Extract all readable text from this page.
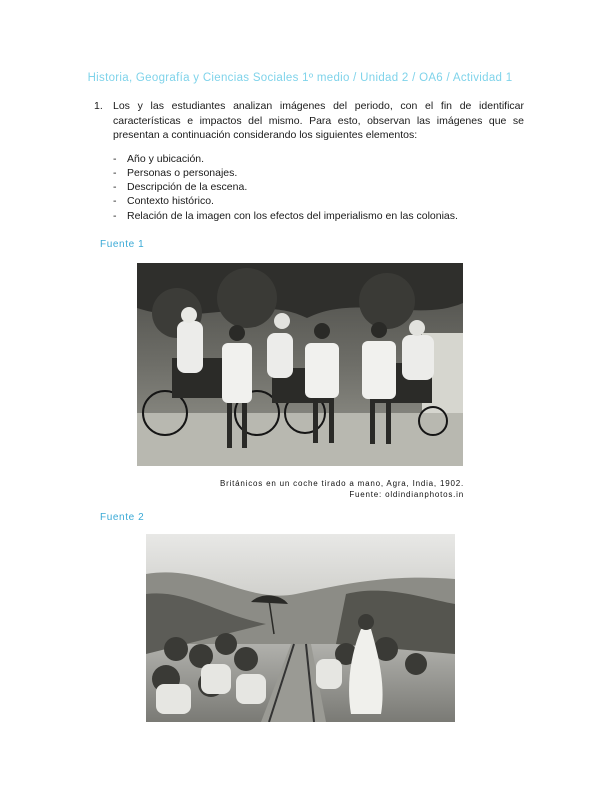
Historia, Geografía y Ciencias Sociales 1º medio / Unidad 2 / OA6 / Actividad 1
1. Los y las estudiantes analizan imágenes del periodo, con el fin de identificar características e impactos del mismo. Para esto, observan las imágenes que se presentan a continuación considerando los siguientes elementos:
- Año y ubicación.
- Personas o personajes.
- Descripción de la escena.
- Contexto histórico.
- Relación de la imagen con los efectos del imperialismo en las colonias.
Fuente 1
Británicos en un coche tirado a mano, Agra, India, 1902.
Fuente: oldindianphotos.in
Fuente 2
